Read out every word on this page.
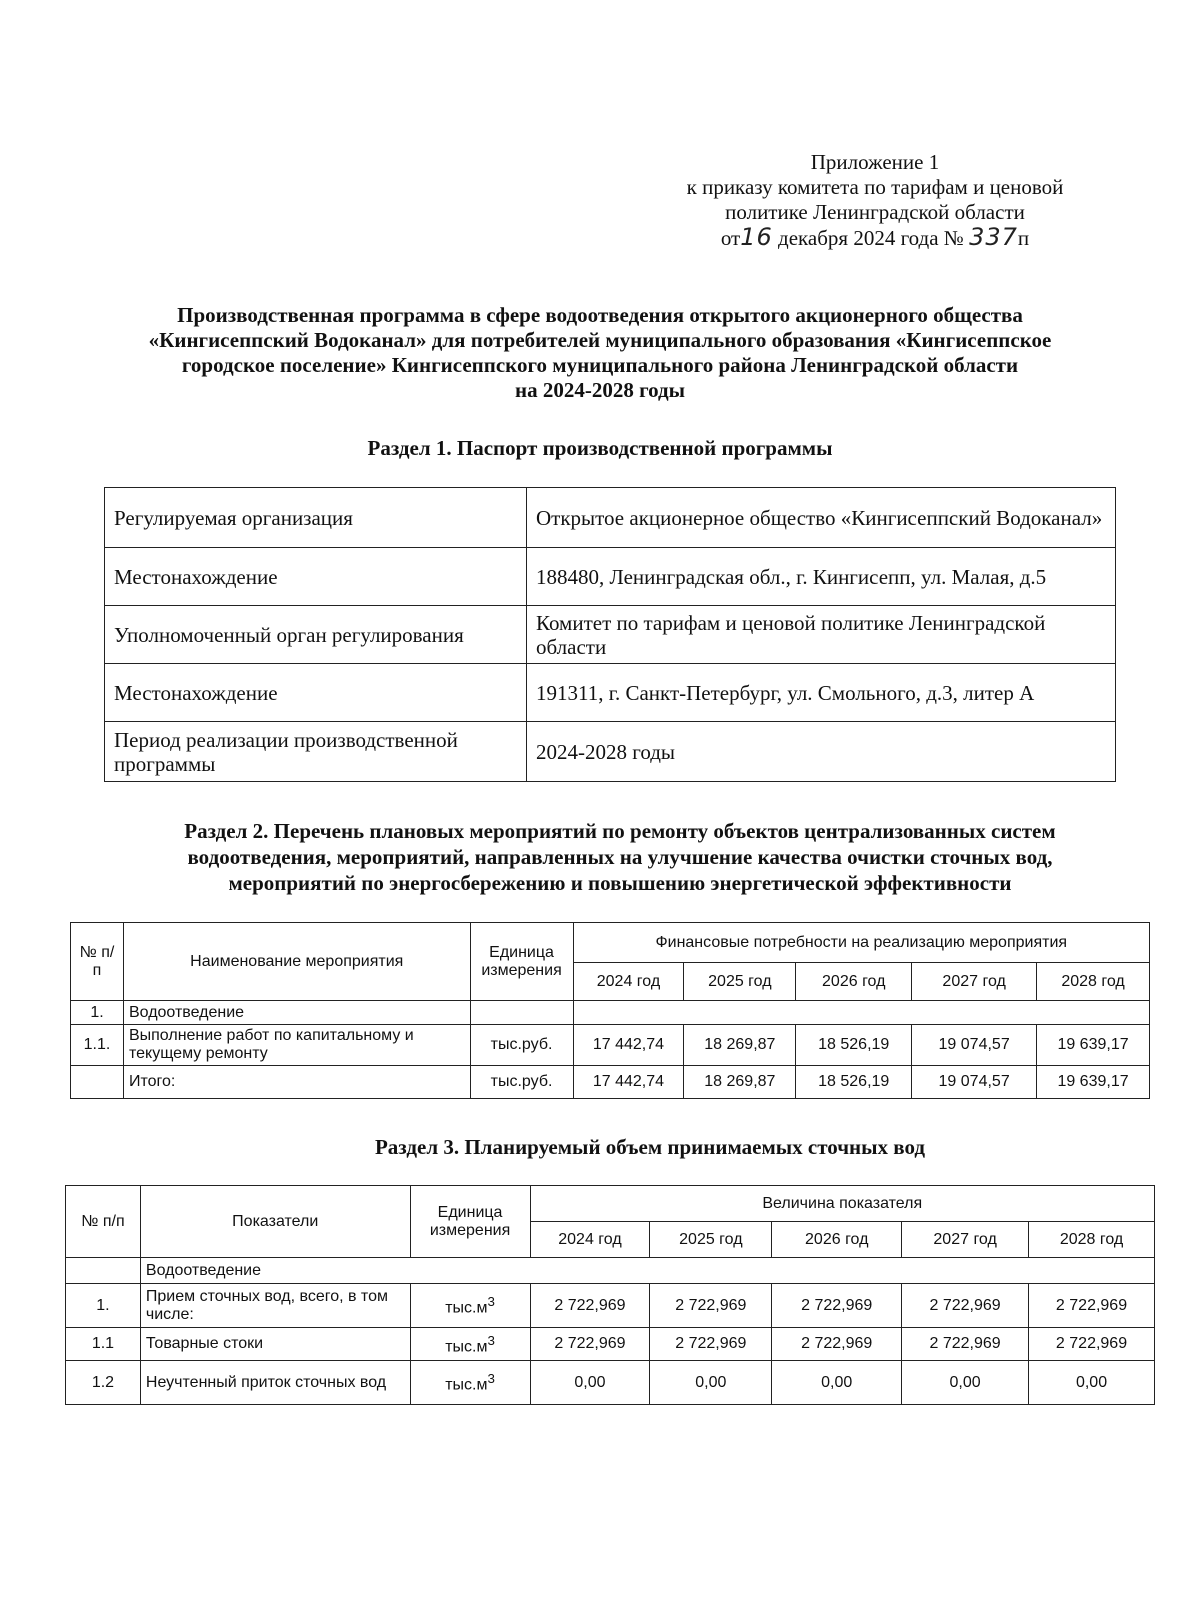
Приложение 1
к приказу комитета по тарифам и ценовой
политике Ленинградской области
от16 декабря 2024 года № 337п
Производственная программа в сфере водоотведения открытого акционерного общества
«Кингисеппский Водоканал» для потребителей муниципального образования «Кингисеппское
городское поселение» Кингисеппского муниципального района Ленинградской области
на 2024-2028 годы
Раздел 1. Паспорт производственной программы
Регулируемая организация	Открытое акционерное общество «Кингисеппский Водоканал»
Местонахождение	188480, Ленинградская обл., г. Кингисепп, ул. Малая, д.5
Уполномоченный орган регулирования	Комитет по тарифам и ценовой политике Ленинградской области
Местонахождение	191311, г. Санкт-Петербург, ул. Смольного, д.3, литер А
Период реализации производственной программы	2024-2028 годы
Раздел 2. Перечень плановых мероприятий по ремонту объектов централизованных систем
водоотведения, мероприятий, направленных на улучшение качества очистки сточных вод,
мероприятий по энергосбережению и повышению энергетической эффективности
№ п/п	Наименование мероприятия	Единица измерения	Финансовые потребности на реализацию мероприятия				
			2024 год	2025 год	2026 год	2027 год	2028 год
1.	Водоотведение						
1.1.	Выполнение работ по капитальному и текущему ремонту	тыс.руб.	17 442,74	18 269,87	18 526,19	19 074,57	19 639,17
	Итого:	тыс.руб.	17 442,74	18 269,87	18 526,19	19 074,57	19 639,17
Раздел 3. Планируемый объем принимаемых сточных вод
№ п/п	Показатели	Единица измерения	Величина показателя				
			2024 год	2025 год	2026 год	2027 год	2028 год
	Водоотведение						
1.	Прием сточных вод, всего, в том числе:	$тыс.м^3$	2 722,969	2 722,969	2 722,969	2 722,969	2 722,969
1.1	Товарные стоки	$тыс.м^3$	2 722,969	2 722,969	2 722,969	2 722,969	2 722,969
1.2	Неучтенный приток сточных вод	$тыс.м^3$	0,00	0,00	0,00	0,00	0,00
